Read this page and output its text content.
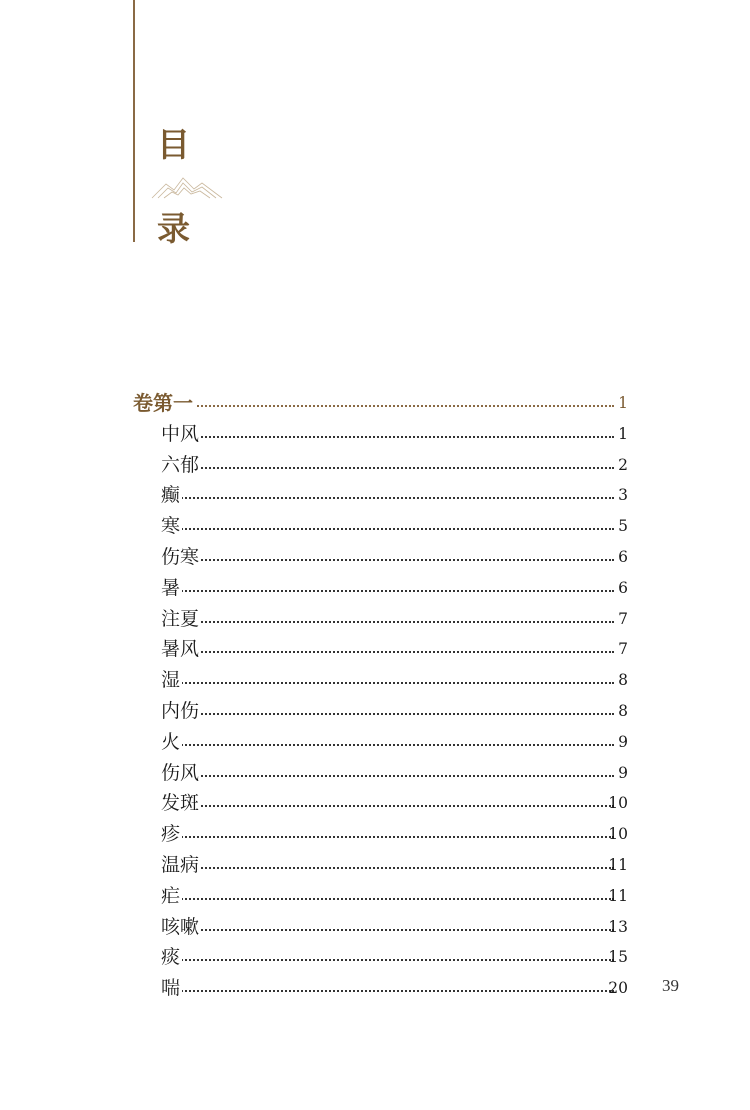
目
录
卷第一	1
中风	1
六郁	2
癫	3
寒	5
伤寒	6
暑	6
注夏	7
暑风	7
湿	8
内伤	8
火	9
伤风	9
发斑	10
疹	10
温病	11
疟	11
咳嗽	13
痰	15
喘	20 39
